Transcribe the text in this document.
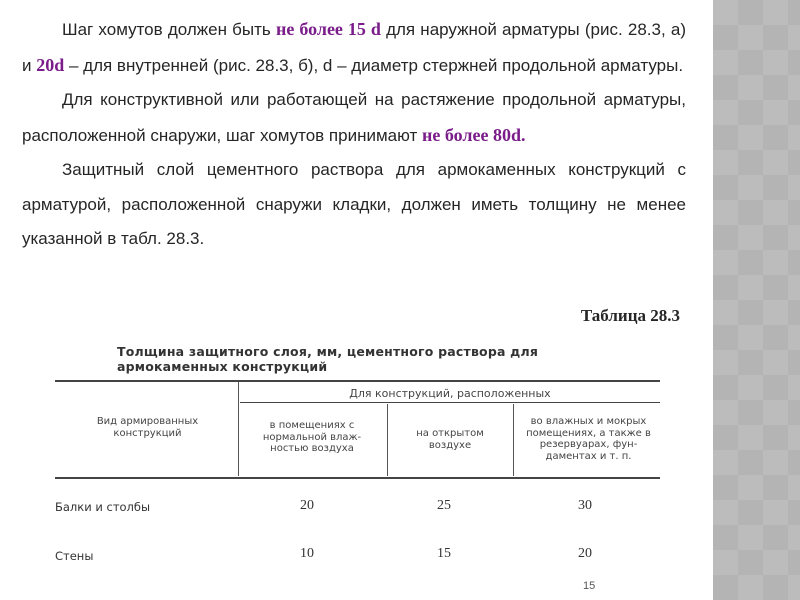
Шаг хомутов должен быть не более 15 d для наружной арматуры (рис. 28.3, а) и 20d – для внутренней (рис. 28.3, б), d – диаметр стержней продольной арматуры.

Для конструктивной или работающей на растяжение продольной арматуры, расположенной снаружи, шаг хомутов принимают не более 80d.

Защитный слой цементного раствора для армокаменных конструкций с арматурой, расположенной снаружи кладки, должен иметь толщину не менее указанной в табл. 28.3.

Таблица 28.3
Толщина защитного слоя, мм, цементного раствора для армокаменных конструкций
Для конструкций, расположенных
Вид армированных конструкций
в помещениях с нормальной влаж-ностью воздуха
на открытом воздухе
во влажных и мокрых помещениях, а также в резервуарах, фун-даментах и т. п.
Балки и столбы	20	25	30
Стены	10	15	20
15
